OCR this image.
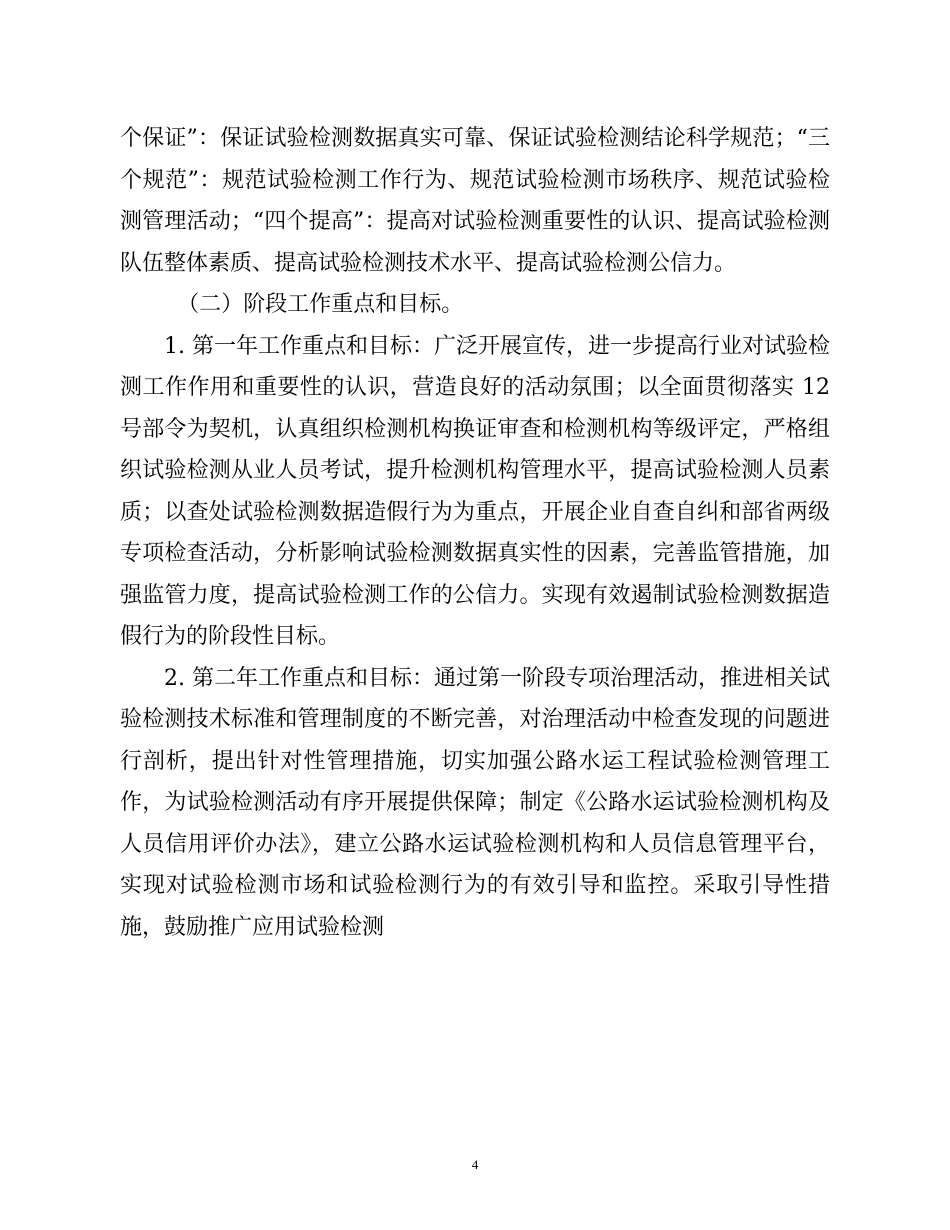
个保证”：保证试验检测数据真实可靠、保证试验检测结论科学规范；“三个规范”：规范试验检测工作行为、规范试验检测市场秩序、规范试验检测管理活动；“四个提高”：提高对试验检测重要性的认识、提高试验检测队伍整体素质、提高试验检测技术水平、提高试验检测公信力。

（二）阶段工作重点和目标。

1. 第一年工作重点和目标：广泛开展宣传，进一步提高行业对试验检测工作作用和重要性的认识，营造良好的活动氛围；以全面贯彻落实 12 号部令为契机，认真组织检测机构换证审查和检测机构等级评定，严格组织试验检测从业人员考试，提升检测机构管理水平，提高试验检测人员素质；以查处试验检测数据造假行为为重点，开展企业自查自纠和部省两级专项检查活动，分析影响试验检测数据真实性的因素，完善监管措施，加强监管力度，提高试验检测工作的公信力。实现有效遏制试验检测数据造假行为的阶段性目标。

2. 第二年工作重点和目标：通过第一阶段专项治理活动，推进相关试验检测技术标准和管理制度的不断完善，对治理活动中检查发现的问题进行剖析，提出针对性管理措施，切实加强公路水运工程试验检测管理工作，为试验检测活动有序开展提供保障；制定《公路水运试验检测机构及人员信用评价办法》，建立公路水运试验检测机构和人员信息管理平台，实现对试验检测市场和试验检测行为的有效引导和监控。采取引导性措施，鼓励推广应用试验检测

4
